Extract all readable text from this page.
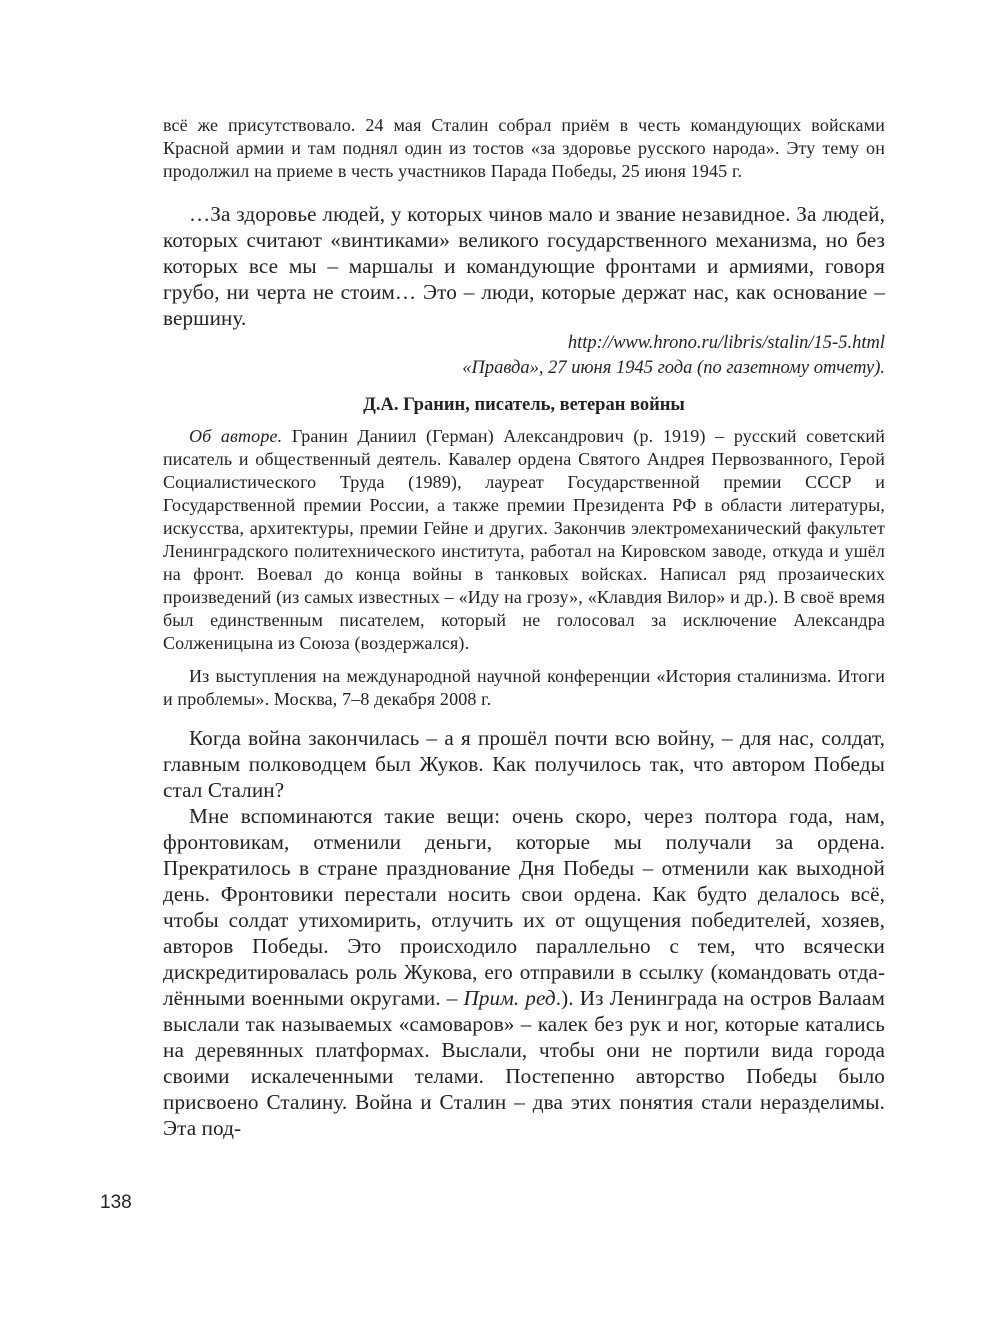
всё же присутствовало. 24 мая Сталин собрал приём в честь командующих войсками Красной армии и там поднял один из тостов «за здоровье русского народа». Эту тему он продолжил на приеме в честь участников Парада Победы, 25 июня 1945 г.

…За здоровье людей, у которых чинов мало и звание незавидное. За людей, которых считают «винтиками» великого государственного механизма, но без которых все мы – маршалы и командующие фронтами и армиями, говоря грубо, ни черта не стоим… Это – люди, которые держат нас, как основание – вершину.

http://www.hrono.ru/libris/stalin/15-5.html
«Правда», 27 июня 1945 года (по газетному отчету).
Д.А. Гранин, писатель, ветеран войны

Об авторе. Гранин Даниил (Герман) Александрович (р. 1919) – русский советский писатель и общественный деятель. Кавалер ордена Святого Андрея Первозванного, Герой Социалистического Труда (1989), лауреат Государственной премии СССР и Государственной премии России, а также премии Президента РФ в области литературы, искусства, архитектуры, премии Гейне и других. Закончив электромеханический факультет Ленинградского политехнического института, работал на Кировском заводе, откуда и ушёл на фронт. Воевал до конца войны в танковых войсках. Написал ряд прозаических произведений (из самых известных – «Иду на грозу», «Клавдия Вилор» и др.). В своё время был единственным писателем, который не голосовал за исключение Александра Солженицына из Союза (воздержался).

Из выступления на международной научной конференции «История сталинизма. Итоги и проблемы». Москва, 7–8 декабря 2008 г.

Когда война закончилась – а я прошёл почти всю войну, – для нас, солдат, главным полководцем был Жуков. Как получилось так, что автором Победы стал Сталин?

Мне вспоминаются такие вещи: очень скоро, через полтора года, нам, фронтовикам, отменили деньги, которые мы получали за ордена. Прекратилось в стране празднование Дня Победы – отменили как выходной день. Фронтовики перестали носить свои ордена. Как будто делалось всё, чтобы солдат утихомирить, отлучить их от ощущения победителей, хозяев, авторов Победы. Это происходило параллельно с тем, что всячески дискредитировалась роль Жукова, его отправили в ссылку (командовать отдалёнными военными округами. – Прим. ред.). Из Ленинграда на остров Валаам выслали так называемых «самоваров» – калек без рук и ног, которые катались на деревянных платформах. Выслали, чтобы они не портили вида города своими искалеченными телами. Постепенно авторство Победы было присвоено Сталину. Война и Сталин – два этих понятия стали неразделимы. Эта под-

138
